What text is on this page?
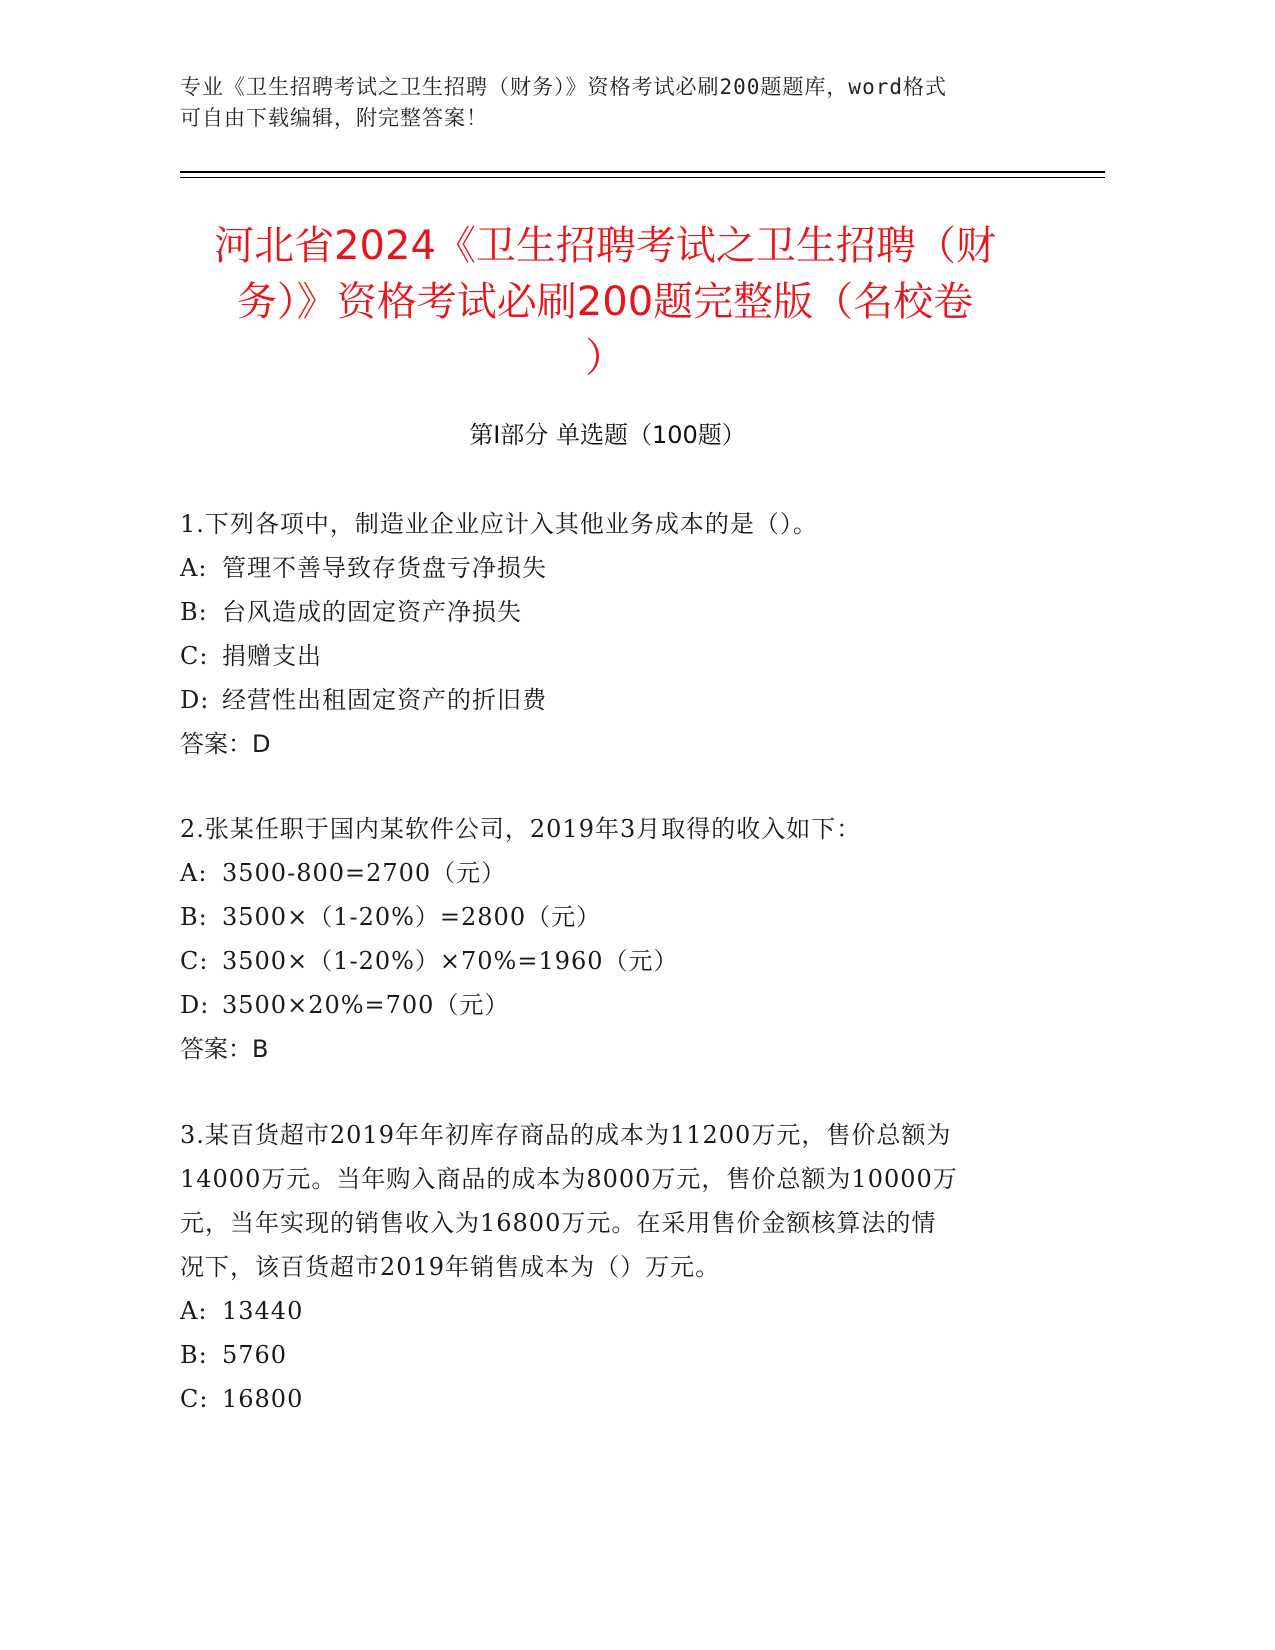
专业《卫生招聘考试之卫生招聘（财务）》资格考试必刷200题题库，word格式
可自由下载编辑，附完整答案！
河北省2024《卫生招聘考试之卫生招聘（财
务）》资格考试必刷200题完整版（名校卷
）
第Ⅰ部分 单选题（100题）

1.下列各项中，制造业企业应计入其他业务成本的是（）。

A: 管理不善导致存货盘亏净损失

B: 台风造成的固定资产净损失

C: 捐赠支出

D: 经营性出租固定资产的折旧费

答案：D

2.张某任职于国内某软件公司，2019年3月取得的收入如下：

A: 3500-800=2700（元）

B: 3500×（1-20%）=2800（元）

C: 3500×（1-20%）×70%=1960（元）

D: 3500×20%=700（元）

答案：B

3.某百货超市2019年年初库存商品的成本为11200万元，售价总额为

14000万元。当年购入商品的成本为8000万元，售价总额为10000万

元，当年实现的销售收入为16800万元。在采用售价金额核算法的情

况下，该百货超市2019年销售成本为（）万元。

A: 13440

B: 5760

C: 16800
